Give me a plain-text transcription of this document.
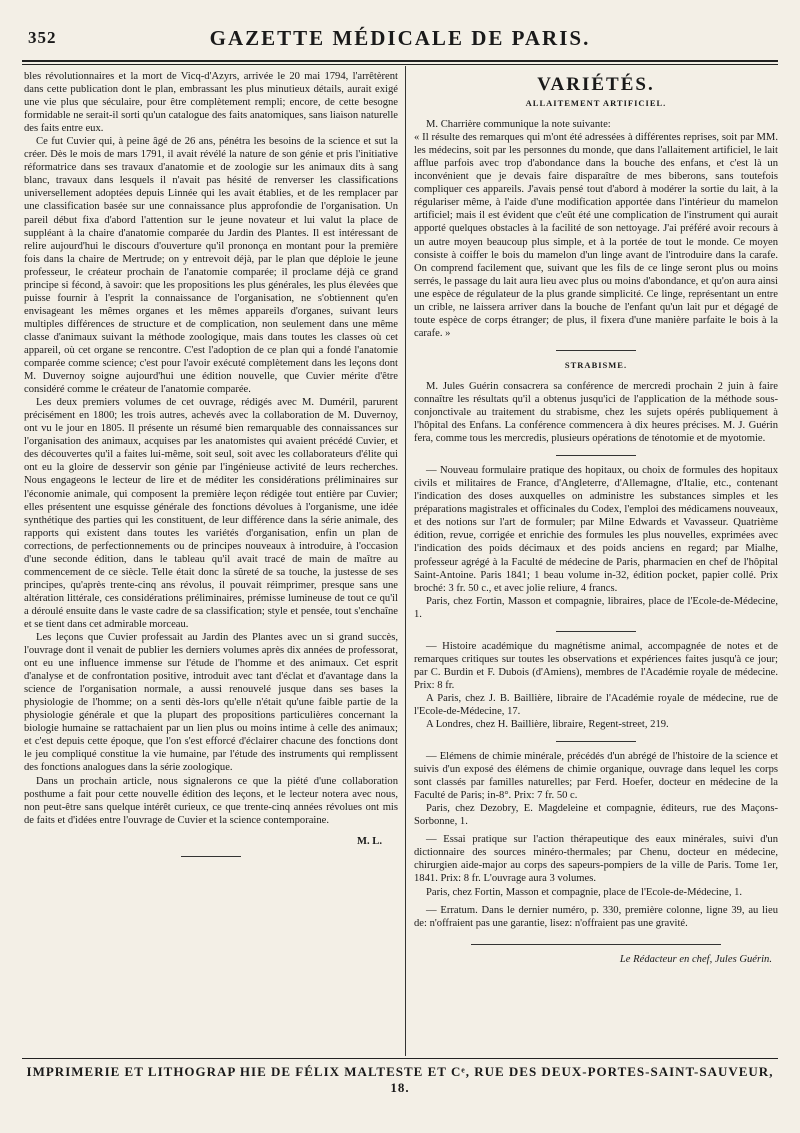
352	GAZETTE MÉDICALE DE PARIS.

bles révolutionnaires et la mort de Vicq-d'Azyrs, arrivée le 20 mai 1794, l'arrêtèrent dans cette publication dont le plan, embrassant les plus minutieux détails, aurait exigé une vie plus que séculaire, pour être complètement rempli; encore, de cette besogne formidable ne serait-il sorti qu'un catalogue des faits anatomiques, sans liaison naturelle des faits entre eux.

Ce fut Cuvier qui, à peine âgé de 26 ans, pénétra les besoins de la science et sut la créer. Dès le mois de mars 1791, il avait révélé la nature de son génie et pris l'initiative réformatrice dans ses travaux d'anatomie et de zoologie sur les animaux dits à sang blanc, travaux dans lesquels il n'avait pas hésité de renverser les classifications universellement adoptées depuis Linnée qui les avait établies, et de les remplacer par une classification basée sur une connaissance plus approfondie de l'organisation. Un pareil début fixa d'abord l'attention sur le jeune novateur et lui valut la place de suppléant à la chaire d'anatomie comparée du Jardin des Plantes. Il est intéressant de relire aujourd'hui le discours d'ouverture qu'il prononça en montant pour la première fois dans la chaire de Mertrude; on y entrevoit déjà, par le plan que déploie le jeune professeur, le créateur prochain de l'anatomie comparée; il proclame déjà ce grand principe si fécond, à savoir: que les propositions les plus générales, les plus élevées que puisse fournir à l'esprit la connaissance de l'organisation, ne s'obtiennent qu'en envisageant les mêmes organes et les mêmes appareils d'organes, suivant leurs multiples différences de structure et de complication, non seulement dans une même classe d'animaux suivant la méthode zoologique, mais dans toutes les classes où cet appareil, où cet organe se rencontre. C'est l'adoption de ce plan qui a fondé l'anatomie comparée comme science; c'est pour l'avoir exécuté complètement dans les leçons dont M. Duvernoy soigne aujourd'hui une édition nouvelle, que Cuvier mérite d'être considéré comme le créateur de l'anatomie comparée.

Les deux premiers volumes de cet ouvrage, rédigés avec M. Duméril, parurent précisément en 1800; les trois autres, achevés avec la collaboration de M. Duvernoy, ont vu le jour en 1805. Il présente un résumé bien remarquable des connaissances sur l'organisation des animaux, acquises par les anatomistes qui avaient précédé Cuvier, et des découvertes qu'il a faites lui-même, soit seul, soit avec les collaborateurs d'élite qui ont eu la gloire de desservir son génie par l'ingénieuse activité de leurs recherches. Nous engageons le lecteur de lire et de méditer les considérations préliminaires sur l'économie animale, qui composent la première leçon rédigée tout entière par Cuvier; elles présentent une esquisse générale des fonctions dévolues à l'organisme, une idée synthétique des parties qui les constituent, de leur différence dans la série animale, des rapports qui existent dans toutes les variétés d'organisation, enfin un plan de corrections, de perfectionnements ou de principes nouveaux à introduire, à l'occasion d'une seconde édition, dans le tableau qu'il avait tracé de main de maître au commencement de ce siècle. Telle était donc la sûreté de sa touche, la justesse de ses principes, qu'après trente-cinq ans révolus, il pouvait réimprimer, presque sans une altération littérale, ces considérations préliminaires, prémisse lumineuse de tout ce qu'il a déroulé ensuite dans le vaste cadre de sa classification; style et pensée, tout s'enchaîne et se tient dans cet admirable morceau.

Les leçons que Cuvier professait au Jardin des Plantes avec un si grand succès, l'ouvrage dont il venait de publier les derniers volumes après dix années de professorat, ont eu une influence immense sur l'étude de l'homme et des animaux. Cet esprit d'analyse et de confrontation positive, introduit avec tant d'éclat et d'avantage dans la science de l'organisation normale, a aussi renouvelé jusque dans ses bases la physiologie de l'homme; on a senti dès-lors qu'elle n'était qu'une faible partie de la physiologie générale et que la plupart des propositions particulières concernant la biologie humaine se rattachaient par un lien plus ou moins intime à celle des animaux; et c'est depuis cette époque, que l'on s'est efforcé d'éclairer chacune des fonctions dont le jeu compliqué constitue la vie humaine, par l'étude des instruments qui remplissent des fonctions analogues dans la série zoologique.

Dans un prochain article, nous signalerons ce que la piété d'une collaboration posthume a fait pour cette nouvelle édition des leçons, et le lecteur notera avec nous, non peut-être sans quelque intérêt curieux, ce que trente-cinq années révolues ont mis de faits et d'idées entre l'ouvrage de Cuvier et la science contemporaine.

M. L.
VARIÉTÉS.
ALLAITEMENT ARTIFICIEL.

M. Charrière communique la note suivante:

« Il résulte des remarques qui m'ont été adressées à différentes reprises, soit par MM. les médecins, soit par les personnes du monde, que dans l'allaitement artificiel, le lait afflue parfois avec trop d'abondance dans la bouche des enfans, et c'est là un inconvénient que je devais faire disparaître de mes biberons, sans toutefois compliquer ces appareils. J'avais pensé tout d'abord à modérer la sortie du lait, à la régulariser même, à l'aide d'une modification apportée dans l'intérieur du mamelon artificiel; mais il est évident que c'eût été une complication de l'instrument qui aurait apporté quelques obstacles à la facilité de son nettoyage. J'ai préféré avoir recours à un autre moyen beaucoup plus simple, et à la portée de tout le monde. Ce moyen consiste à coiffer le bois du mamelon d'un linge avant de l'introduire dans la carafe. On comprend facilement que, suivant que les fils de ce linge seront plus ou moins serrés, le passage du lait aura lieu avec plus ou moins d'abondance, et qu'on aura ainsi une espèce de régulateur de la plus grande simplicité. Ce linge, représentant un entre un crible, ne laissera arriver dans la bouche de l'enfant qu'un lait pur et dégagé de toute espèce de corps étranger; de plus, il fixera d'une manière parfaite le bois à la carafe. »

STRABISME.

M. Jules Guérin consacrera sa conférence de mercredi prochain 2 juin à faire connaître les résultats qu'il a obtenus jusqu'ici de l'application de la méthode sous-conjonctivale au traitement du strabisme, chez les sujets opérés publiquement à l'hôpital des Enfans. La conférence commencera à dix heures précises. M. J. Guérin fera, comme tous les mercredis, plusieurs opérations de ténotomie et de myotomie.

— Nouveau formulaire pratique des hopitaux, ou choix de formules des hopitaux civils et militaires de France, d'Angleterre, d'Allemagne, d'Italie, etc., contenant l'indication des doses auxquelles on administre les substances simples et les préparations magistrales et officinales du Codex, l'emploi des médicamens nouveaux, et des notions sur l'art de formuler; par Milne Edwards et Vavasseur. Quatrième édition, revue, corrigée et enrichie des formules les plus nouvelles, exprimées avec l'indication des poids décimaux et des poids anciens en regard; par Mialhe, professeur agrégé à la Faculté de médecine de Paris, pharmacien en chef de l'hôpital Saint-Antoine. Paris 1841; 1 beau volume in-32, édition pocket, papier collé. Prix broché: 3 fr. 50 c., et avec jolie reliure, 4 francs.

Paris, chez Fortin, Masson et compagnie, libraires, place de l'Ecole-de-Médecine, 1.

— Histoire académique du magnétisme animal, accompagnée de notes et de remarques critiques sur toutes les observations et expériences faites jusqu'à ce jour; par C. Burdin et F. Dubois (d'Amiens), membres de l'Académie royale de médecine. Prix: 8 fr.

A Paris, chez J. B. Baillière, libraire de l'Académie royale de médecine, rue de l'Ecole-de-Médecine, 17.

A Londres, chez H. Baillière, libraire, Regent-street, 219.

— Elémens de chimie minérale, précédés d'un abrégé de l'histoire de la science et suivis d'un exposé des élémens de chimie organique, ouvrage dans lequel les corps sont classés par familles naturelles; par Ferd. Hoefer, docteur en médecine de la Faculté de Paris; in-8°. Prix: 7 fr. 50 c.

Paris, chez Dezobry, E. Magdeleine et compagnie, éditeurs, rue des Maçons-Sorbonne, 1.

— Essai pratique sur l'action thérapeutique des eaux minérales, suivi d'un dictionnaire des sources minéro-thermales; par Chenu, docteur en médecine, chirurgien aide-major au corps des sapeurs-pompiers de la ville de Paris. Tome 1er, 1841. Prix: 8 fr. L'ouvrage aura 3 volumes.

Paris, chez Fortin, Masson et compagnie, place de l'Ecole-de-Médecine, 1.

— Erratum. Dans le dernier numéro, p. 330, première colonne, ligne 39, au lieu de: n'offraient pas une garantie, lisez: n'offraient pas une gravité.

Le Rédacteur en chef, Jules Guérin.
IMPRIMERIE ET LITHOGRAP HIE DE FÉLIX MALTESTE ET Cᵉ, RUE DES DEUX-PORTES-SAINT-SAUVEUR, 18.
